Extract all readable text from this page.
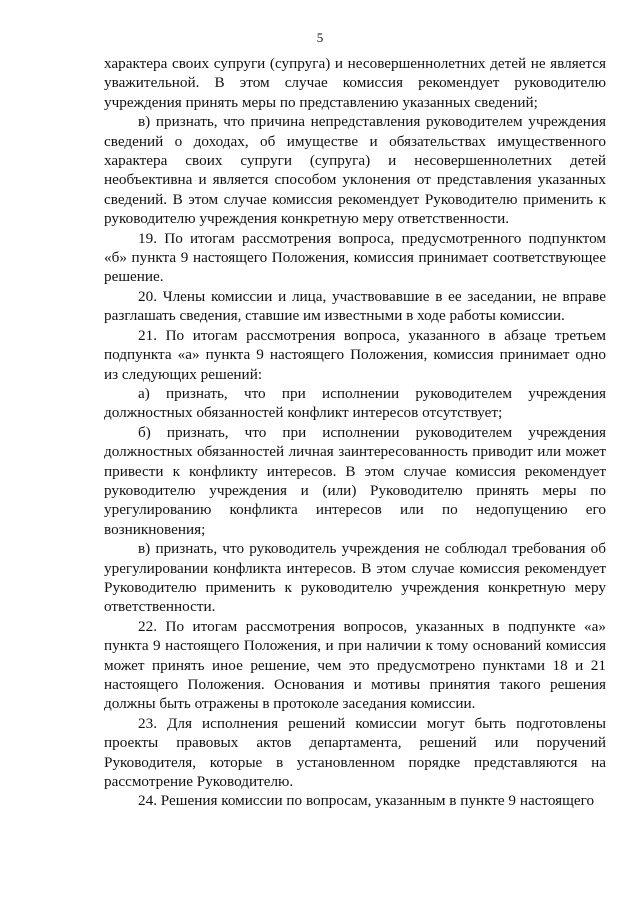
5

характера своих супруги (супруга) и несовершеннолетних детей не является уважительной. В этом случае комиссия рекомендует руководителю учреждения принять меры по представлению указанных сведений;

в) признать, что причина непредставления руководителем учреждения сведений о доходах, об имуществе и обязательствах имущественного характера своих супруги (супруга) и несовершеннолетних детей необъективна и является способом уклонения от представления указанных сведений. В этом случае комиссия рекомендует Руководителю применить к руководителю учреждения конкретную меру ответственности.

19. По итогам рассмотрения вопроса, предусмотренного подпунктом «б» пункта 9 настоящего Положения, комиссия принимает соответствующее решение.

20. Члены комиссии и лица, участвовавшие в ее заседании, не вправе разглашать сведения, ставшие им известными в ходе работы комиссии.

21. По итогам рассмотрения вопроса, указанного в абзаце третьем подпункта «а» пункта 9 настоящего Положения, комиссия принимает одно из следующих решений:

а) признать, что при исполнении руководителем учреждения должностных обязанностей конфликт интересов отсутствует;

б) признать, что при исполнении руководителем учреждения должностных обязанностей личная заинтересованность приводит или может привести к конфликту интересов. В этом случае комиссия рекомендует руководителю учреждения и (или) Руководителю принять меры по урегулированию конфликта интересов или по недопущению его возникновения;

в) признать, что руководитель учреждения не соблюдал требования об урегулировании конфликта интересов. В этом случае комиссия рекомендует Руководителю применить к руководителю учреждения конкретную меру ответственности.

22. По итогам рассмотрения вопросов, указанных в подпункте «а» пункта 9 настоящего Положения, и при наличии к тому оснований комиссия может принять иное решение, чем это предусмотрено пунктами 18 и 21 настоящего Положения. Основания и мотивы принятия такого решения должны быть отражены в протоколе заседания комиссии.

23. Для исполнения решений комиссии могут быть подготовлены проекты правовых актов департамента, решений или поручений Руководителя, которые в установленном порядке представляются на рассмотрение Руководителю.

24. Решения комиссии по вопросам, указанным в пункте 9 настоящего
